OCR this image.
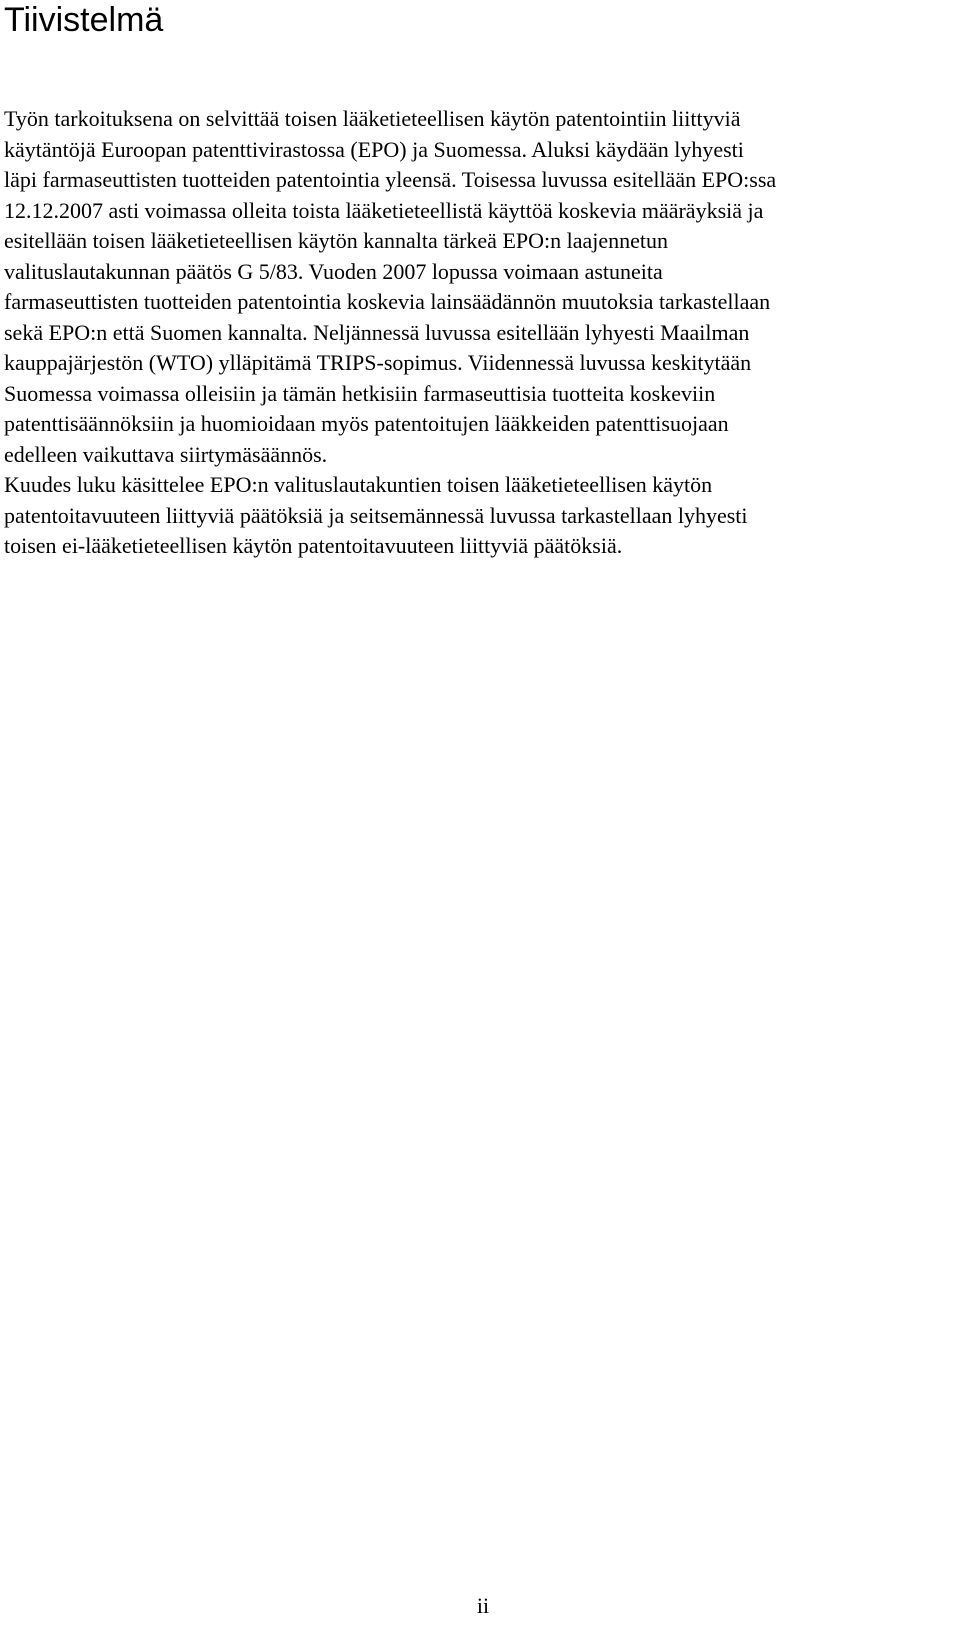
Tiivistelmä
Työn tarkoituksena on selvittää toisen lääketieteellisen käytön patentointiin liittyviä
käytäntöjä Euroopan patenttivirastossa (EPO) ja Suomessa. Aluksi käydään lyhyesti
läpi farmaseuttisten tuotteiden patentointia yleensä. Toisessa luvussa esitellään EPO:ssa
12.12.2007 asti voimassa olleita toista lääketieteellistä käyttöä koskevia määräyksiä ja
esitellään toisen lääketieteellisen käytön kannalta tärkeä EPO:n laajennetun
valituslautakunnan päätös G 5/83. Vuoden 2007 lopussa voimaan astuneita
farmaseuttisten tuotteiden patentointia koskevia lainsäädännön muutoksia tarkastellaan
sekä EPO:n että Suomen kannalta. Neljännessä luvussa esitellään lyhyesti Maailman
kauppajärjestön (WTO) ylläpitämä TRIPS-sopimus. Viidennessä luvussa keskitytään
Suomessa voimassa olleisiin ja tämän hetkisiin farmaseuttisia tuotteita koskeviin
patenttisäännöksiin ja huomioidaan myös patentoitujen lääkkeiden patenttisuojaan
edelleen vaikuttava siirtymäsäännös.
Kuudes luku käsittelee EPO:n valituslautakuntien toisen lääketieteellisen käytön
patentoitavuuteen liittyviä päätöksiä ja seitsemännessä luvussa tarkastellaan lyhyesti
toisen ei-lääketieteellisen käytön patentoitavuuteen liittyviä päätöksiä.
ii
